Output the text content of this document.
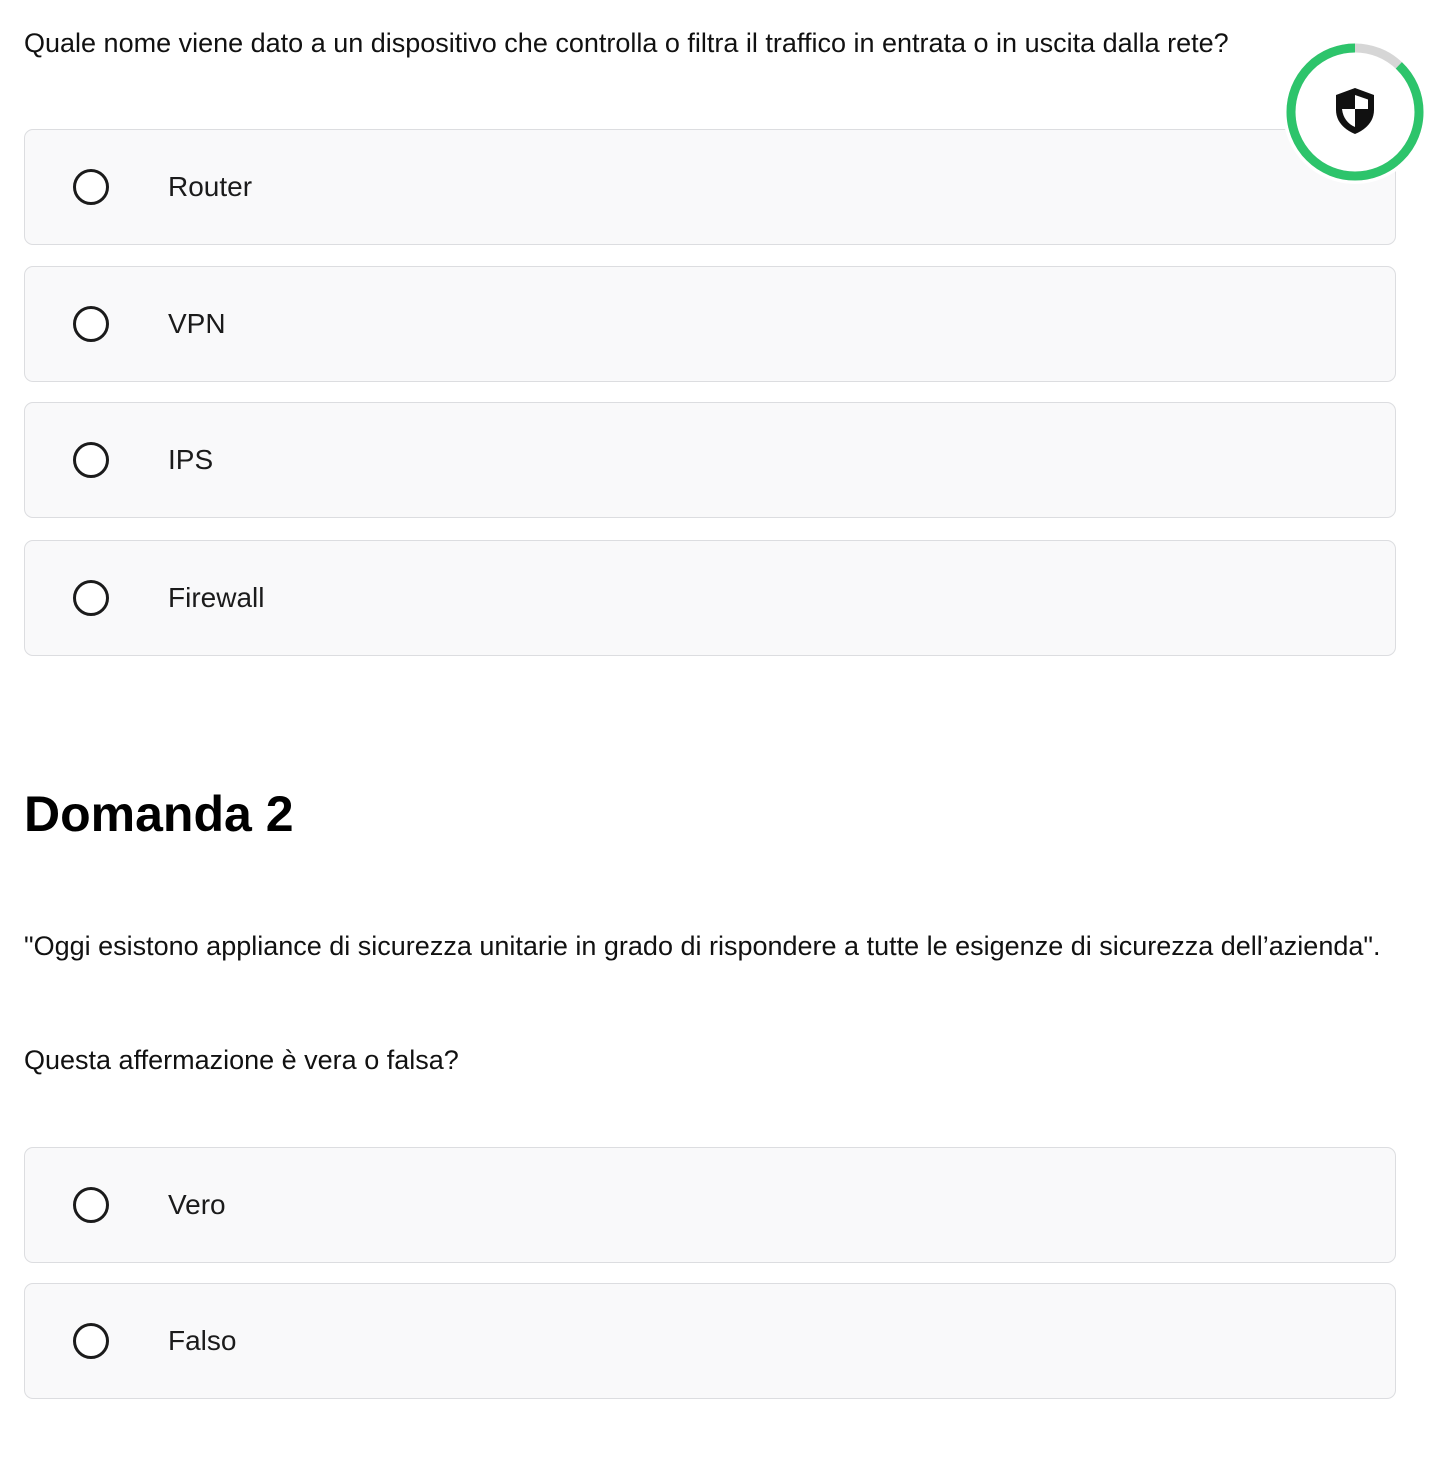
Quale nome viene dato a un dispositivo che controlla o filtra il traffico in entrata o in uscita dalla rete?

Router
VPN
IPS
Firewall
Domanda 2

"Oggi esistono appliance di sicurezza unitarie in grado di rispondere a tutte le esigenze di sicurezza dell’azienda".

Questa affermazione è vera o falsa?

Vero
Falso
